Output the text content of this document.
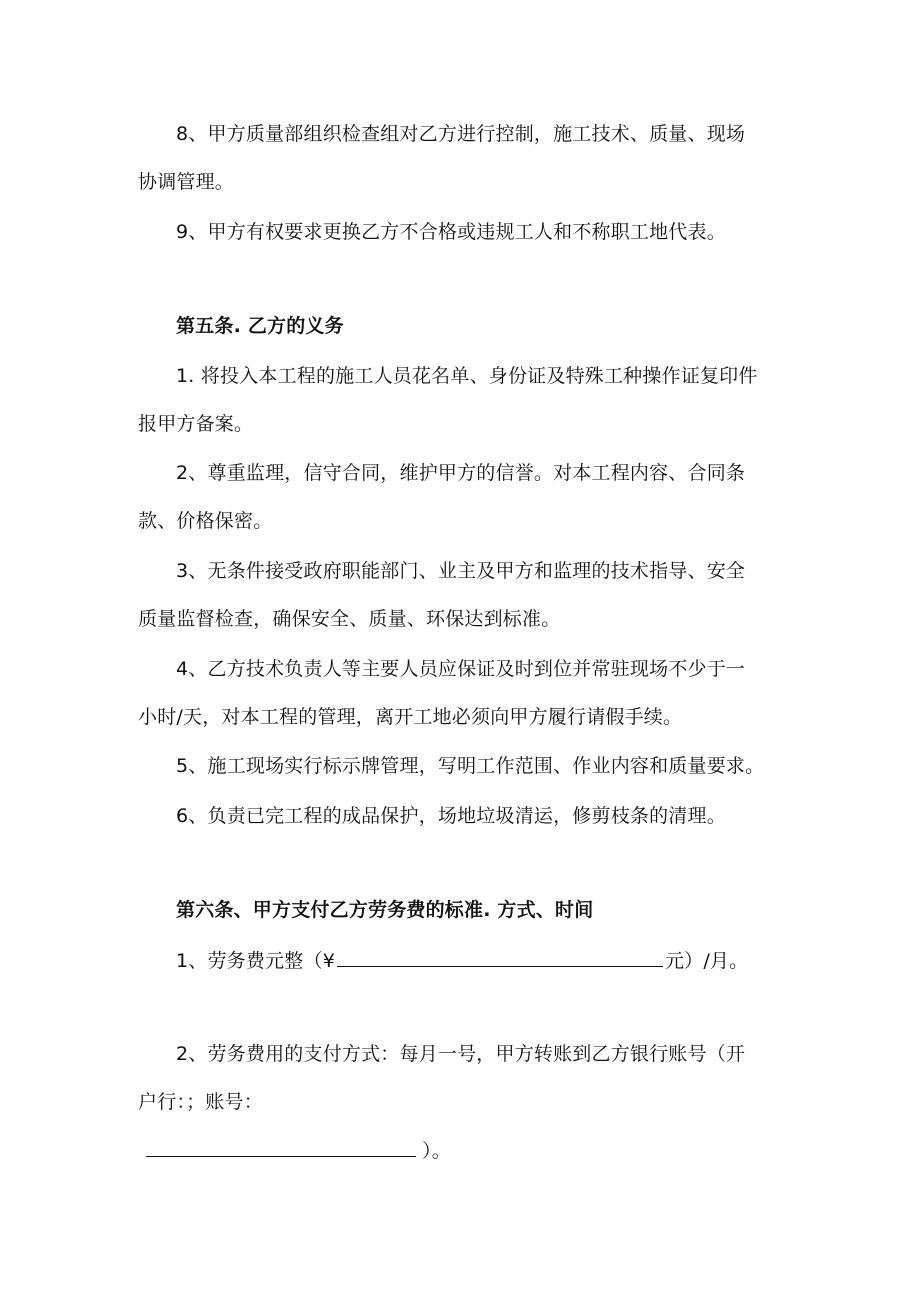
8、甲方质量部组织检查组对乙方进行控制，施工技术、质量、现场
协调管理。
9、甲方有权要求更换乙方不合格或违规工人和不称职工地代表。
第五条. 乙方的义务
1. 将投入本工程的施工人员花名单、身份证及特殊工种操作证复印件
报甲方备案。
2、尊重监理，信守合同，维护甲方的信誉。对本工程内容、合同条
款、价格保密。
3、无条件接受政府职能部门、业主及甲方和监理的技术指导、安全
质量监督检查，确保安全、质量、环保达到标准。
4、乙方技术负责人等主要人员应保证及时到位并常驻现场不少于一
小时/天，对本工程的管理，离开工地必须向甲方履行请假手续。
5、施工现场实行标示牌管理，写明工作范围、作业内容和质量要求。
6、负责已完工程的成品保护，场地垃圾清运，修剪枝条的清理。
第六条、甲方支付乙方劳务费的标准. 方式、时间
1、劳务费元整（¥	元）/月。
2、劳务费用的支付方式：每月一号，甲方转账到乙方银行账号（开
户行：；账号：
）。
